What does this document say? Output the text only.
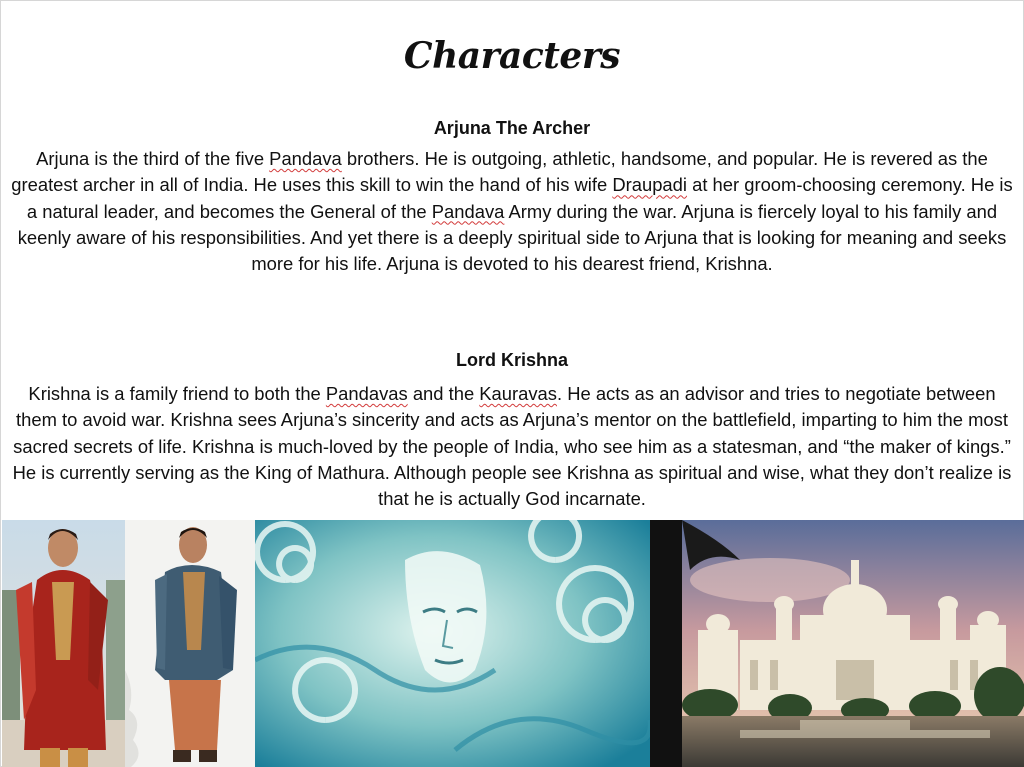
Characters
Arjuna The Archer
Arjuna is the third of the five Pandava brothers. He is outgoing, athletic, handsome, and popular. He is revered as the greatest archer in all of India. He uses this skill to win the hand of his wife Draupadi at her groom-choosing ceremony. He is a natural leader, and becomes the General of the Pandava Army during the war. Arjuna is fiercely loyal to his family and keenly aware of his responsibilities. And yet there is a deeply spiritual side to Arjuna that is looking for meaning and seeks more for his life. Arjuna is devoted to his dearest friend, Krishna.
Lord Krishna
Krishna is a family friend to both the Pandavas and the Kauravas. He acts as an advisor and tries to negotiate between them to avoid war. Krishna sees Arjuna’s sincerity and acts as Arjuna’s mentor on the battlefield, imparting to him the most sacred secrets of life. Krishna is much-loved by the people of India, who see him as a statesman, and “the maker of kings.” He is currently serving as the King of Mathura. Although people see Krishna as spiritual and wise, what they don’t realize is that he is actually God incarnate.
